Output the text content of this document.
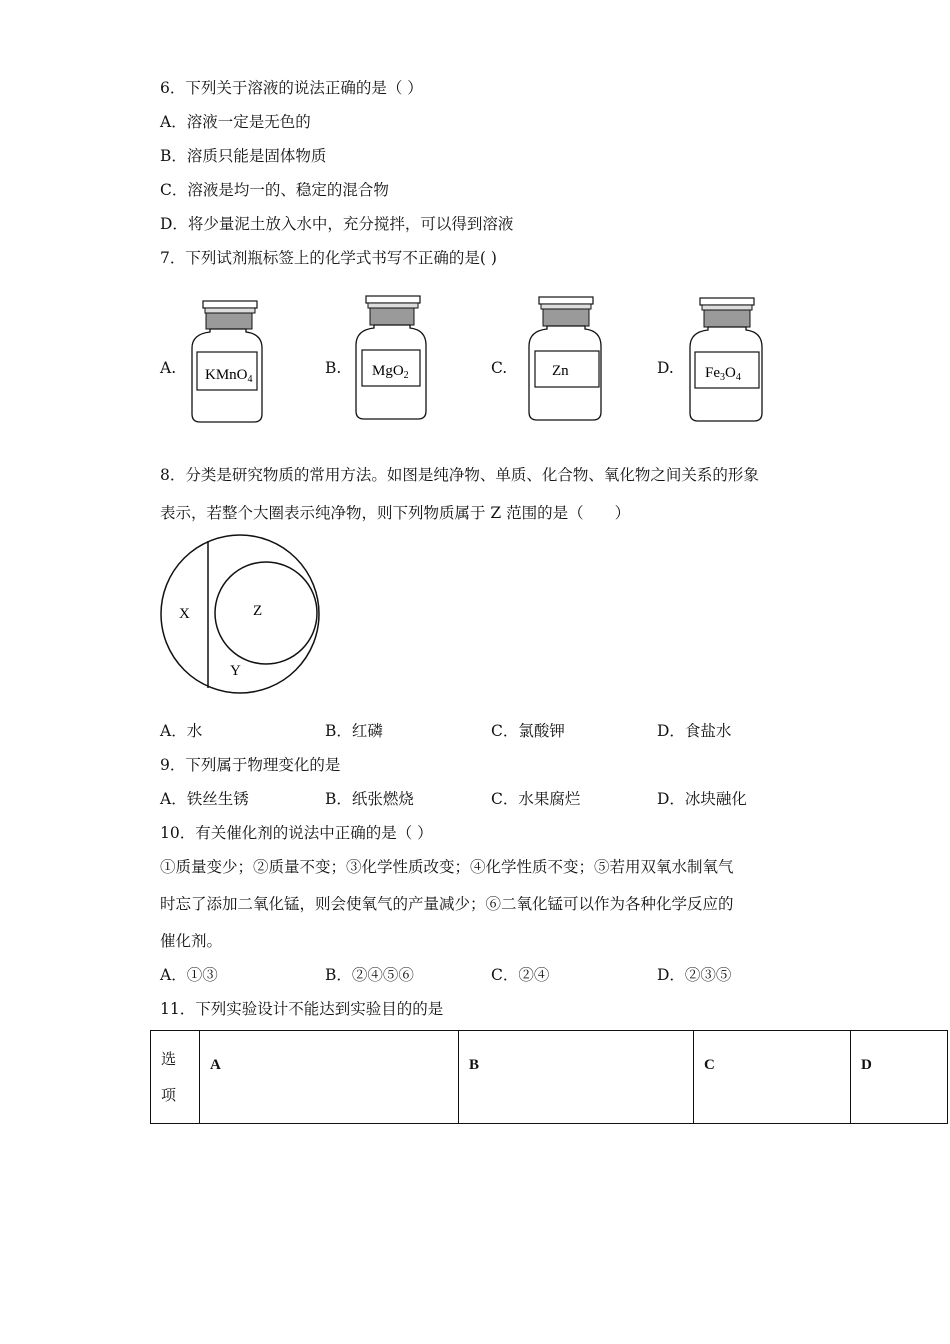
6．下列关于溶液的说法正确的是（ ）
A．溶液一定是无色的
B．溶质只能是固体物质
C．溶液是均一的、稳定的混合物
D．将少量泥土放入水中，充分搅拌，可以得到溶液
7．下列试剂瓶标签上的化学式书写不正确的是( )
A.	B.	C.	D.
KMnO$_4$
MgO$_2$	Zn	$Fe_3O_4$
8．分类是研究物质的常用方法。如图是纯净物、单质、化合物、氧化物之间关系的形象
表示，若整个大圈表示纯净物，则下列物质属于 Z 范围的是（　　）
X	Z
Y
A．水	B．红磷	C．氯酸钾	D．食盐水
9．下列属于物理变化的是
A．铁丝生锈	B．纸张燃烧	C．水果腐烂	D．冰块融化
10．有关催化剂的说法中正确的是（ ）
①质量变少；②质量不变；③化学性质改变；④化学性质不变；⑤若用双氧水制氧气
时忘了添加二氧化锰，则会使氧气的产量减少；⑥二氧化锰可以作为各种化学反应的
催化剂。
A．①③	B．②④⑤⑥	C．②④	D．②③⑤
11．下列实验设计不能达到实验目的的是
选
项

A	B	C	D
